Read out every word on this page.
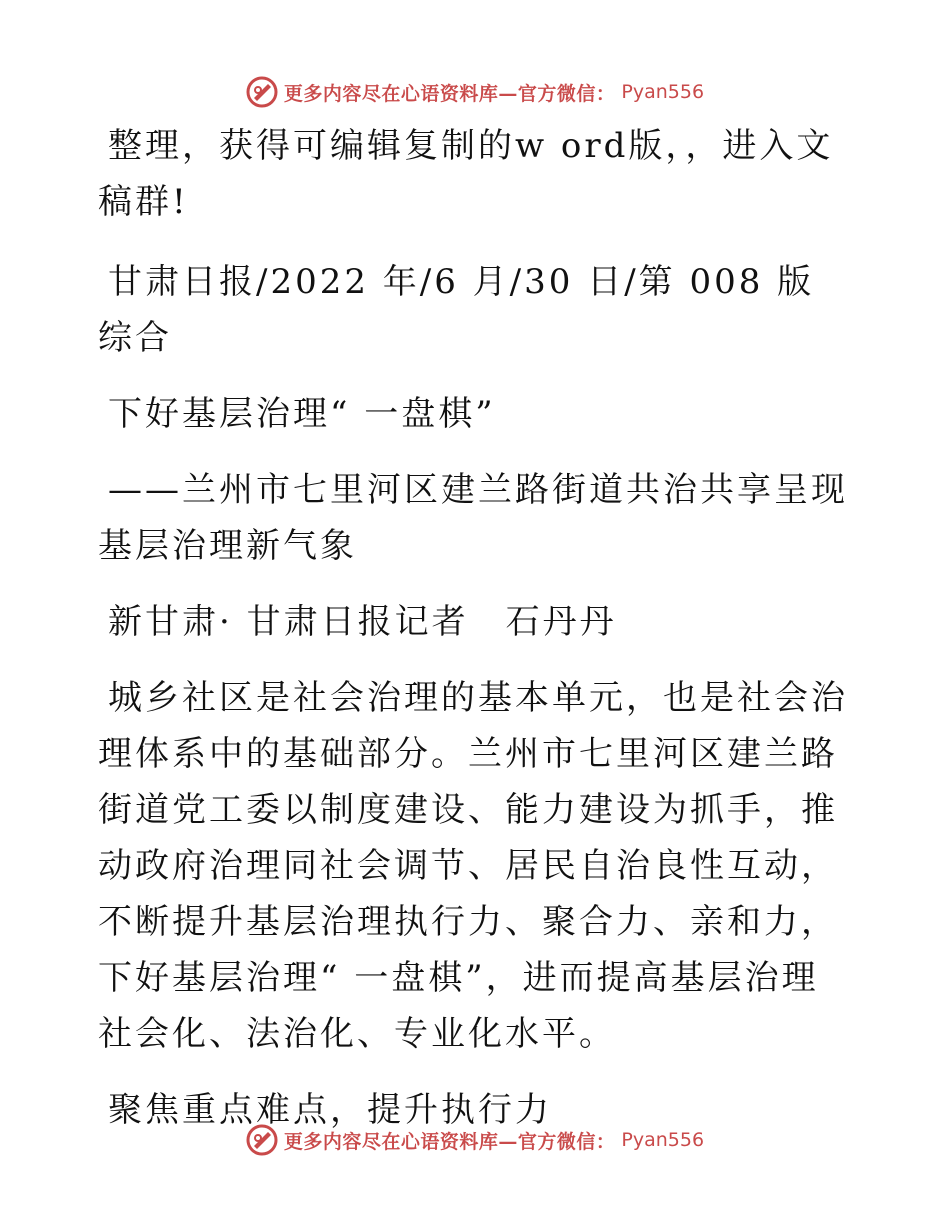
更多内容尽在心语资料库—官方微信： Pyan556

整理，获得可编辑复制的w ord版，，进入文稿群!

甘肃日报/2022 年/6 月/30 日/第 008 版综合

下好基层治理“ 一盘棋”

——兰州市七里河区建兰路街道共治共享呈现基层治理新气象

新甘肃· 甘肃日报记者　石丹丹

城乡社区是社会治理的基本单元，也是社会治理体系中的基础部分。兰州市七里河区建兰路街道党工委以制度建设、能力建设为抓手，推动政府治理同社会调节、居民自治良性互动，不断提升基层治理执行力、聚合力、亲和力，下好基层治理“ 一盘棋”，进而提高基层治理社会化、法治化、专业化水平。

聚焦重点难点，提升执行力

更多内容尽在心语资料库—官方微信： Pyan556
